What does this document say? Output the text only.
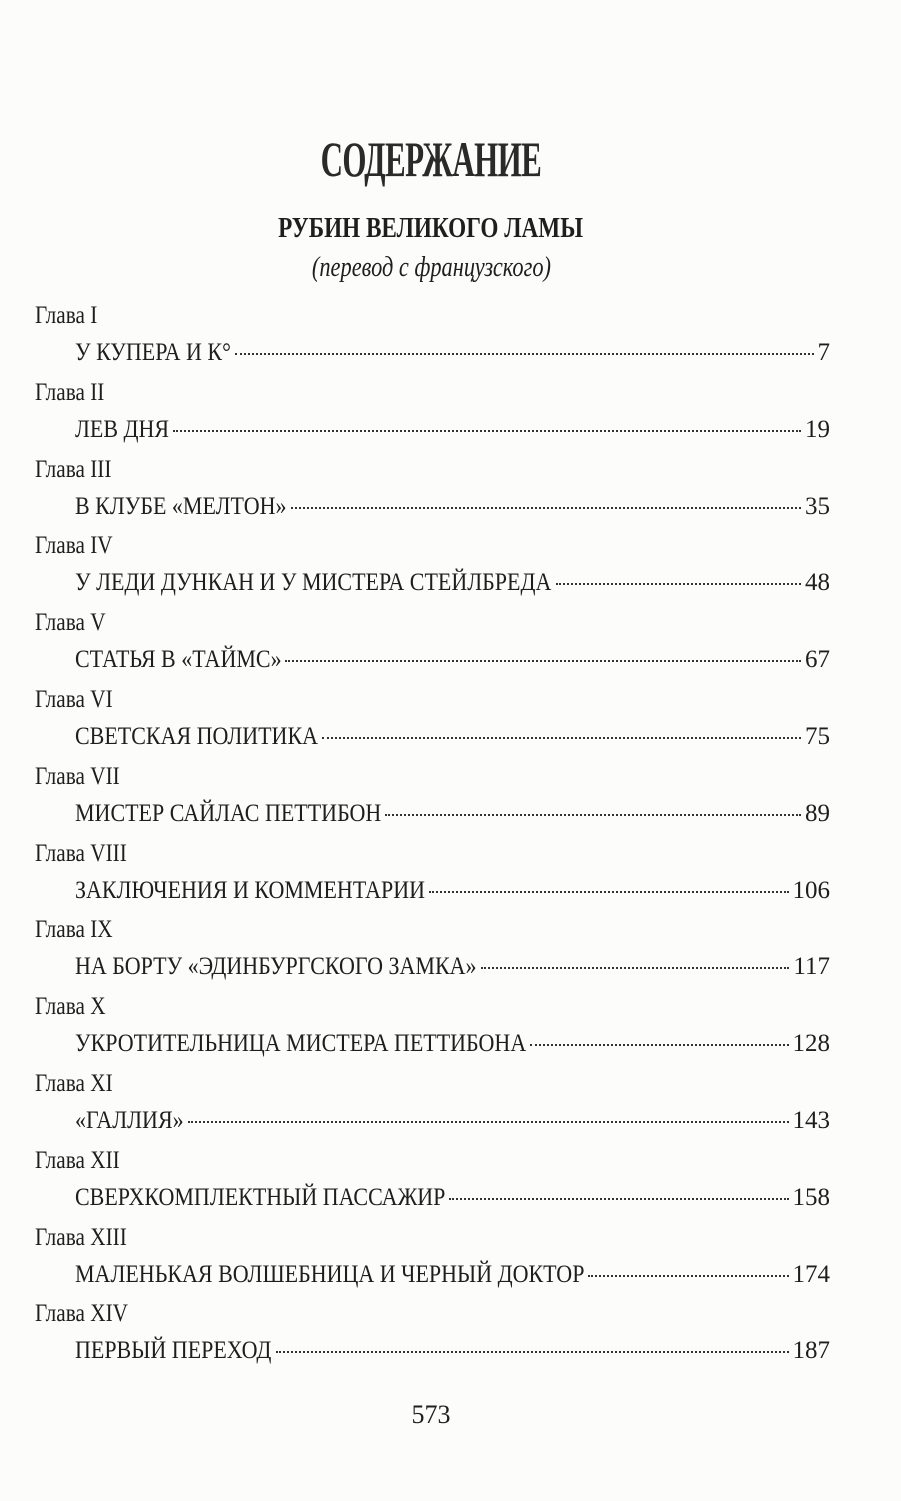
СОДЕРЖАНИЕ
РУБИН ВЕЛИКОГО ЛАМЫ
(перевод с французского)
Глава I
У КУПЕРА И К°	7
Глава II
ЛЕВ ДНЯ	19
Глава III
В КЛУБЕ «МЕЛТОН»	35
Глава IV
У ЛЕДИ ДУНКАН И У МИСТЕРА СТЕЙЛБРЕДА	48
Глава V
СТАТЬЯ В «ТАЙМС»	67
Глава VI
СВЕТСКАЯ ПОЛИТИКА	75
Глава VII
МИСТЕР САЙЛАС ПЕТТИБОН	89
Глава VIII
ЗАКЛЮЧЕНИЯ И КОММЕНТАРИИ	106
Глава IX
НА БОРТУ «ЭДИНБУРГСКОГО ЗАМКА»	117
Глава X
УКРОТИТЕЛЬНИЦА МИСТЕРА ПЕТТИБОНА	128
Глава XI
«ГАЛЛИЯ»	143
Глава XII
СВЕРХКОМПЛЕКТНЫЙ ПАССАЖИР	158
Глава XIII
МАЛЕНЬКАЯ ВОЛШЕБНИЦА И ЧЕРНЫЙ ДОКТОР	174
Глава XIV
ПЕРВЫЙ ПЕРЕХОД	187
573
